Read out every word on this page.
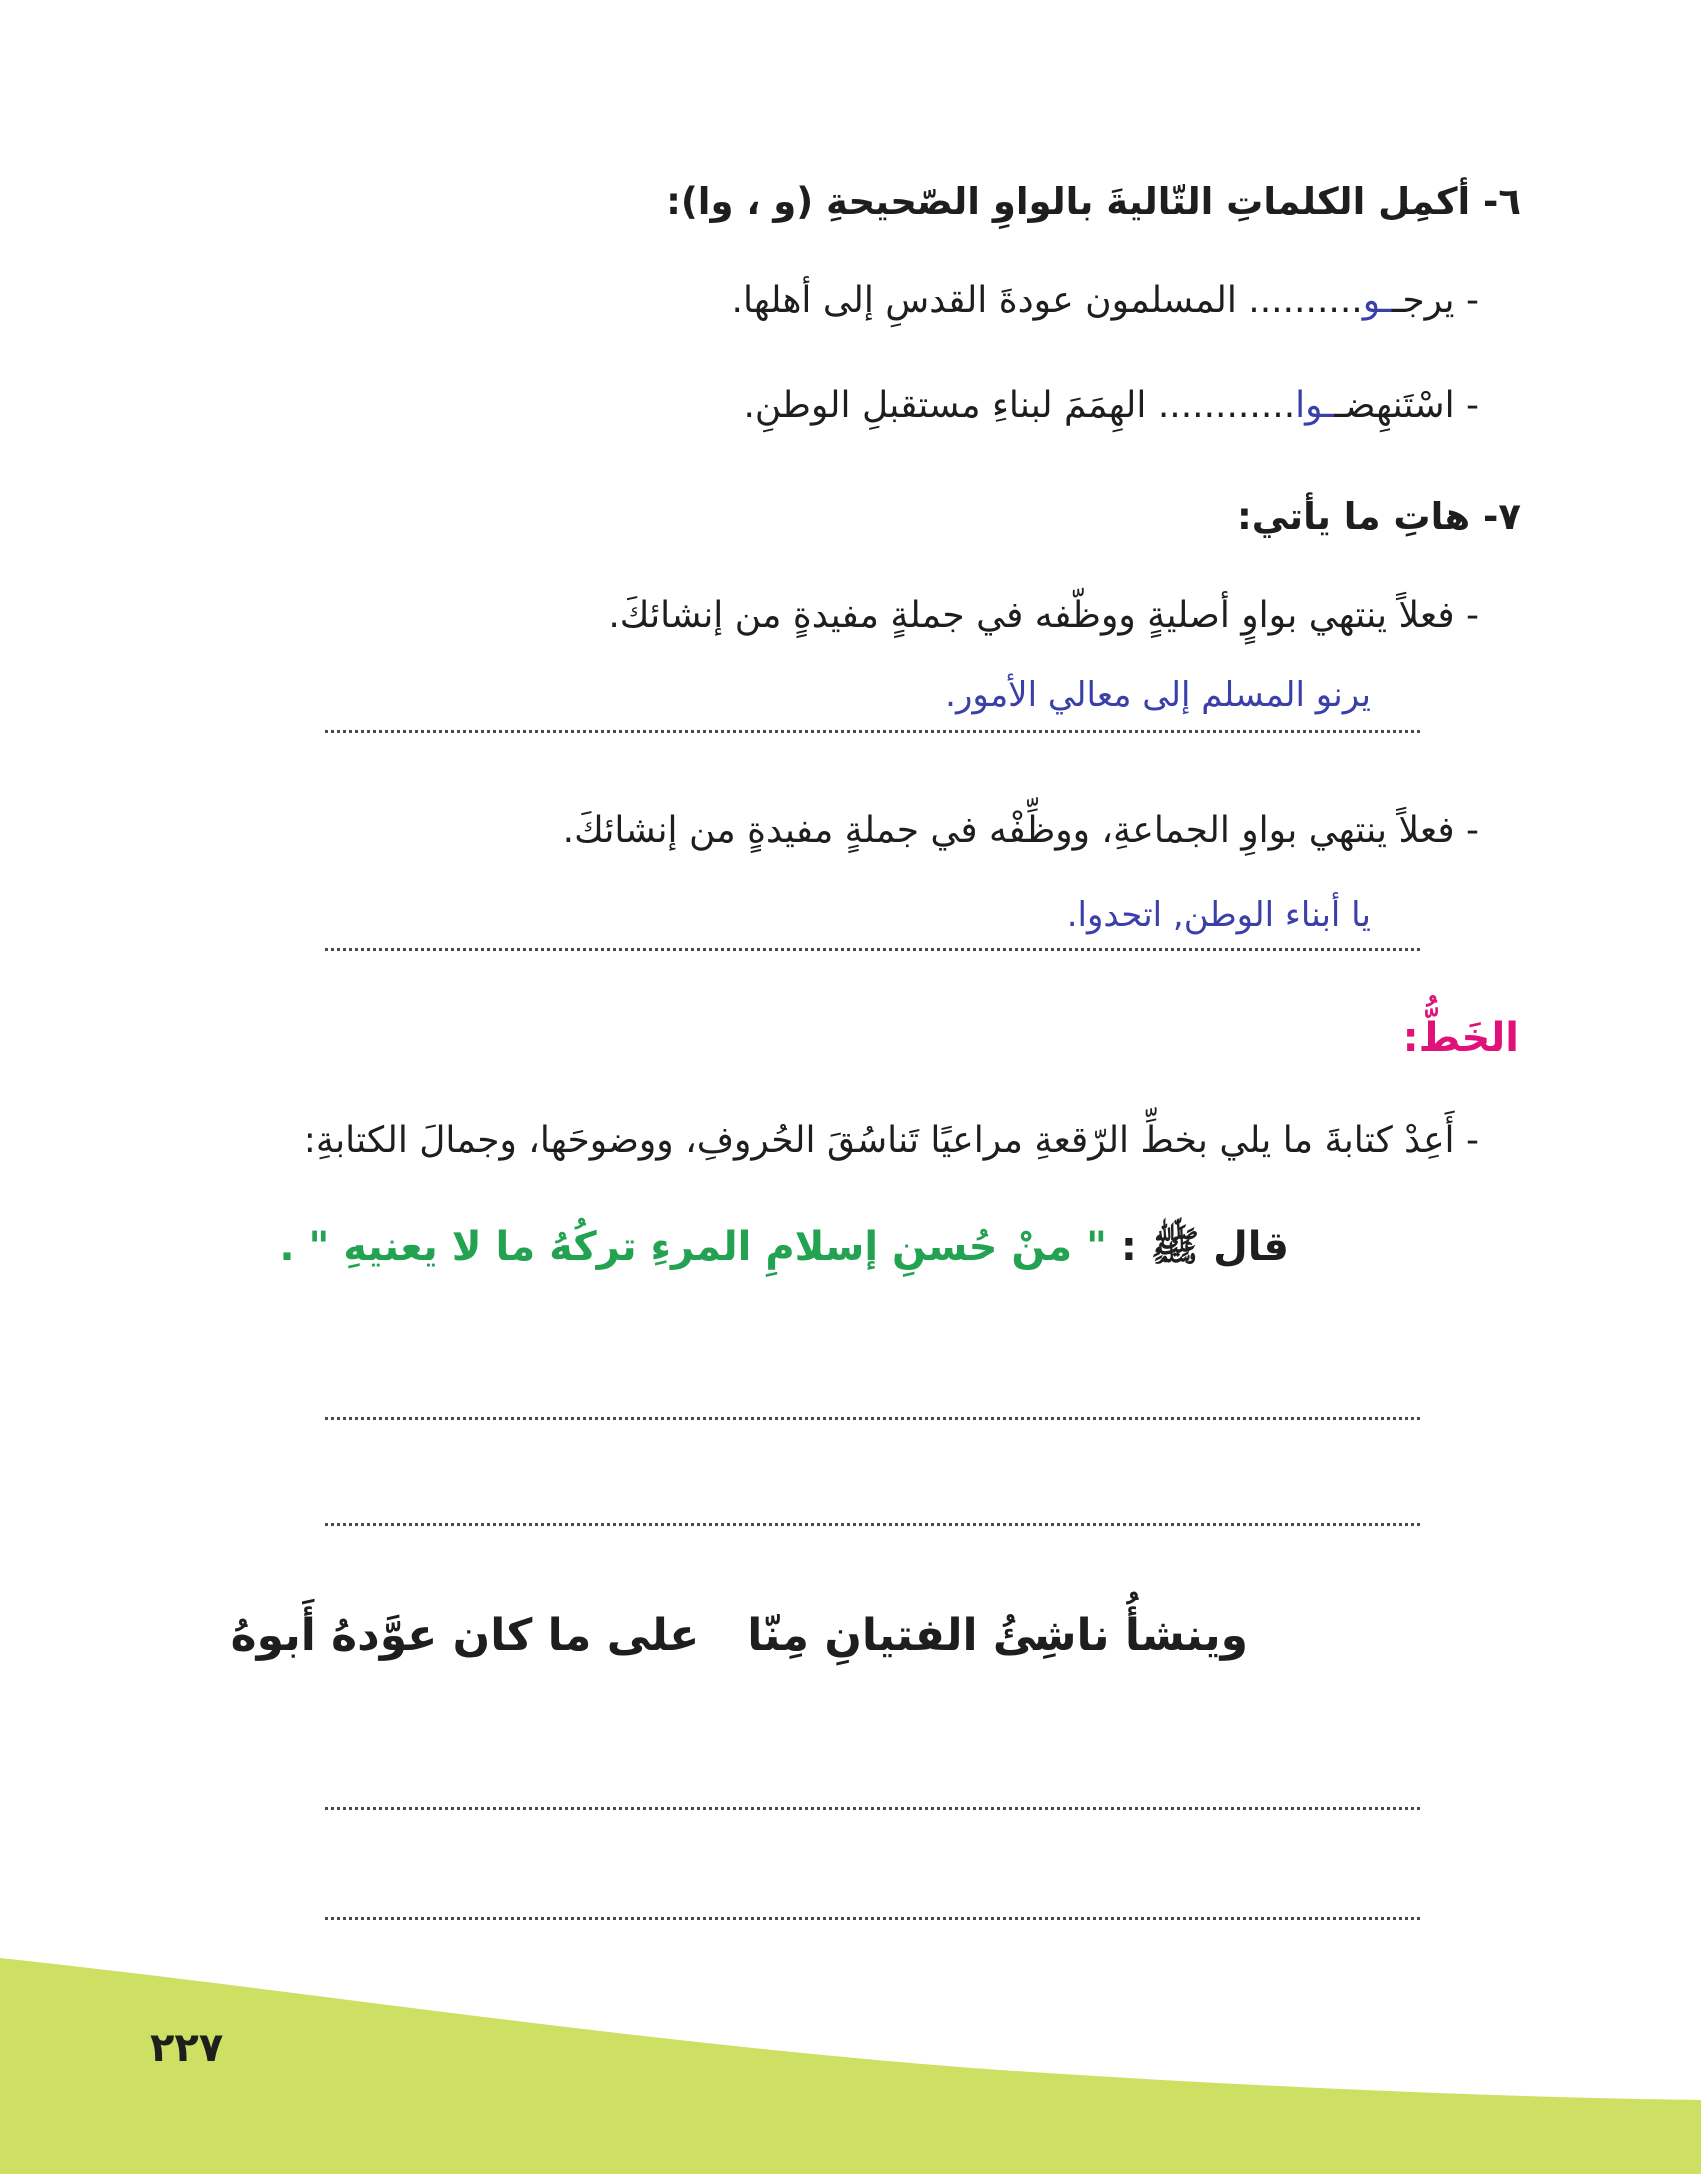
٦- أكمِل الكلماتِ التّاليةَ بالواوِ الصّحيحةِ (و ، وا):
- يرجــو.......... المسلمون عودةَ القدسِ إلى أهلها.
- اسْتَنهِضــوا............ الهِمَمَ لبناءِ مستقبلِ الوطنِ.
٧- هاتِ ما يأتي:
- فعلاً ينتهي بواوٍ أصليةٍ ووظّفه في جملةٍ مفيدةٍ من إنشائكَ.
يرنو المسلم إلى معالي الأمور.
- فعلاً ينتهي بواوِ الجماعةِ، ووظِّفْه في جملةٍ مفيدةٍ من إنشائكَ.
يا أبناء الوطن, اتحدوا.
الخَطُّ:
- أَعِدْ كتابةَ ما يلي بخطِّ الرّقعةِ مراعيًا تَناسُقَ الحُروفِ، ووضوحَها، وجمالَ الكتابةِ:
قال ﷺ : " منْ حُسنِ إسلامِ المرءِ تركُهُ ما لا يعنيهِ " .
وينشأُ ناشِئُ الفتيانِ مِنّاعلى ما كان عوَّدهُ أَبوهُ
٢٢٧
